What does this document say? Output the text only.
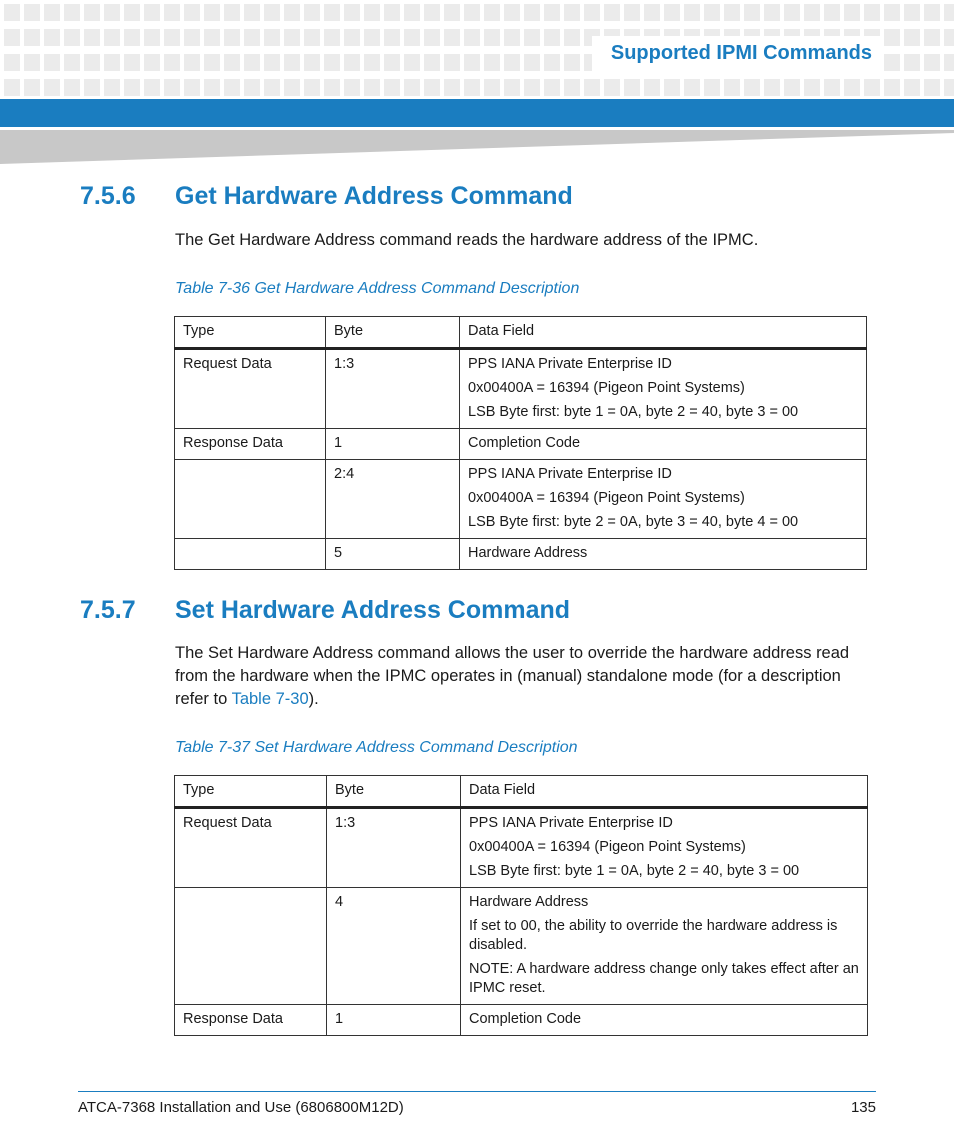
Supported IPMI Commands
7.5.6 Get Hardware Address Command
The Get Hardware Address command reads the hardware address of the IPMC.
Table 7-36 Get Hardware Address Command Description
Type	Byte	Data Field
Request Data	1:3	PPS IANA Private Enterprise ID
0x00400A = 16394 (Pigeon Point Systems)
LSB Byte first: byte 1 = 0A, byte 2 = 40, byte 3 = 00

Response Data	1	Completion Code

	2:4	PPS IANA Private Enterprise ID
0x00400A = 16394 (Pigeon Point Systems)
LSB Byte first: byte 2 = 0A, byte 3 = 40, byte 4 = 00

	5	Hardware Address
7.5.7 Set Hardware Address Command
The Set Hardware Address command allows the user to override the hardware address read from the hardware when the IPMC operates in (manual) standalone mode (for a description refer to Table 7-30).
Table 7-37 Set Hardware Address Command Description
Type	Byte	Data Field
Request Data	1:3	PPS IANA Private Enterprise ID
0x00400A = 16394 (Pigeon Point Systems)
LSB Byte first: byte 1 = 0A, byte 2 = 40, byte 3 = 00

	4	Hardware Address
If set to 00, the ability to override the hardware address is disabled.
NOTE: A hardware address change only takes effect after an IPMC reset.

Response Data	1	Completion Code
ATCA-7368 Installation and Use (6806800M12D)	135
